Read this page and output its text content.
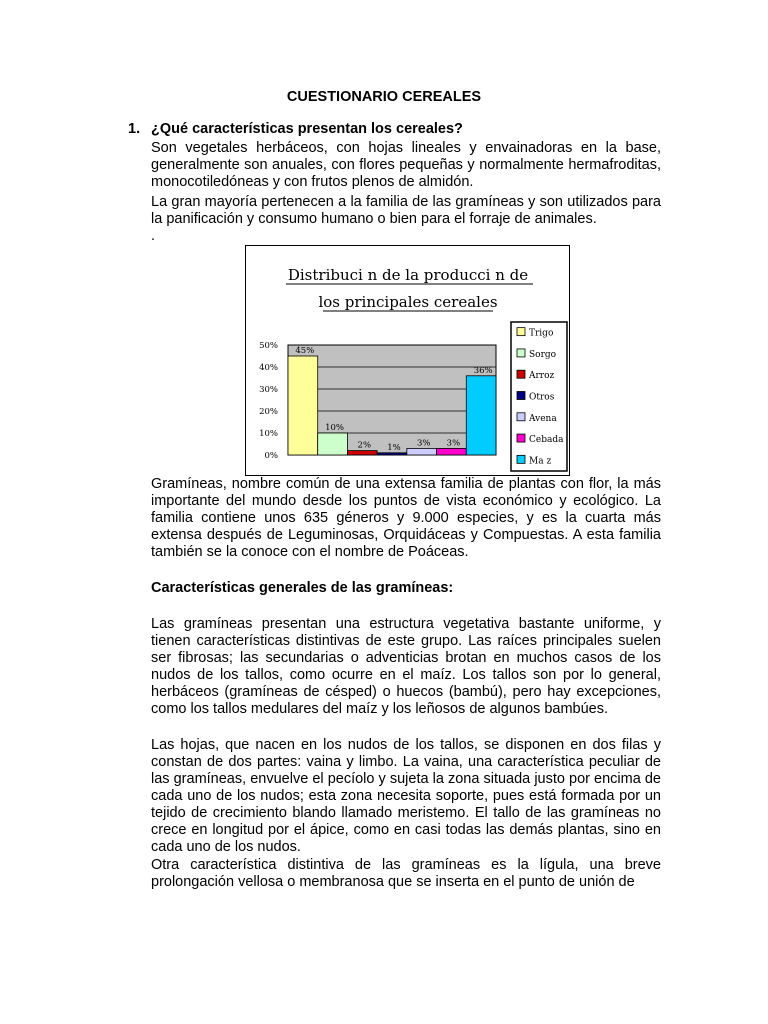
CUESTIONARIO CEREALES
1. ¿Qué características presentan los cereales?
Son vegetales herbáceos, con hojas lineales y envainadoras en la base, generalmente son anuales, con flores pequeñas y normalmente hermafroditas, monocotiledóneas y con frutos plenos de almidón.
La gran mayoría pertenecen a la familia de las gramíneas y son utilizados para la panificación y consumo humano o bien para el forraje de animales.
.
Distribuci n de la producci n de
los principales cereales
0%
10%
20%
30%
40%
50% 45%
10%
2% 1% 3% 3%
36%
Trigo
Sorgo
Arroz
Otros
Avena
Cebada
Ma z
Gramíneas, nombre común de una extensa familia de plantas con flor, la más importante del mundo desde los puntos de vista económico y ecológico. La familia contiene unos 635 géneros y 9.000 especies, y es la cuarta más extensa después de Leguminosas, Orquidáceas y Compuestas. A esta familia también se la conoce con el nombre de Poáceas.
Características generales de las gramíneas:
Las gramíneas presentan una estructura vegetativa bastante uniforme, y tienen características distintivas de este grupo. Las raíces principales suelen ser fibrosas; las secundarias o adventicias brotan en muchos casos de los nudos de los tallos, como ocurre en el maíz. Los tallos son por lo general, herbáceos (gramíneas de césped) o huecos (bambú), pero hay excepciones, como los tallos medulares del maíz y los leñosos de algunos bambúes.
Las hojas, que nacen en los nudos de los tallos, se disponen en dos filas y constan de dos partes: vaina y limbo. La vaina, una característica peculiar de las gramíneas, envuelve el pecíolo y sujeta la zona situada justo por encima de cada uno de los nudos; esta zona necesita soporte, pues está formada por un tejido de crecimiento blando llamado meristemo. El tallo de las gramíneas no crece en longitud por el ápice, como en casi todas las demás plantas, sino en cada uno de los nudos.
Otra característica distintiva de las gramíneas es la lígula, una breve prolongación vellosa o membranosa que se inserta en el punto de unión de
